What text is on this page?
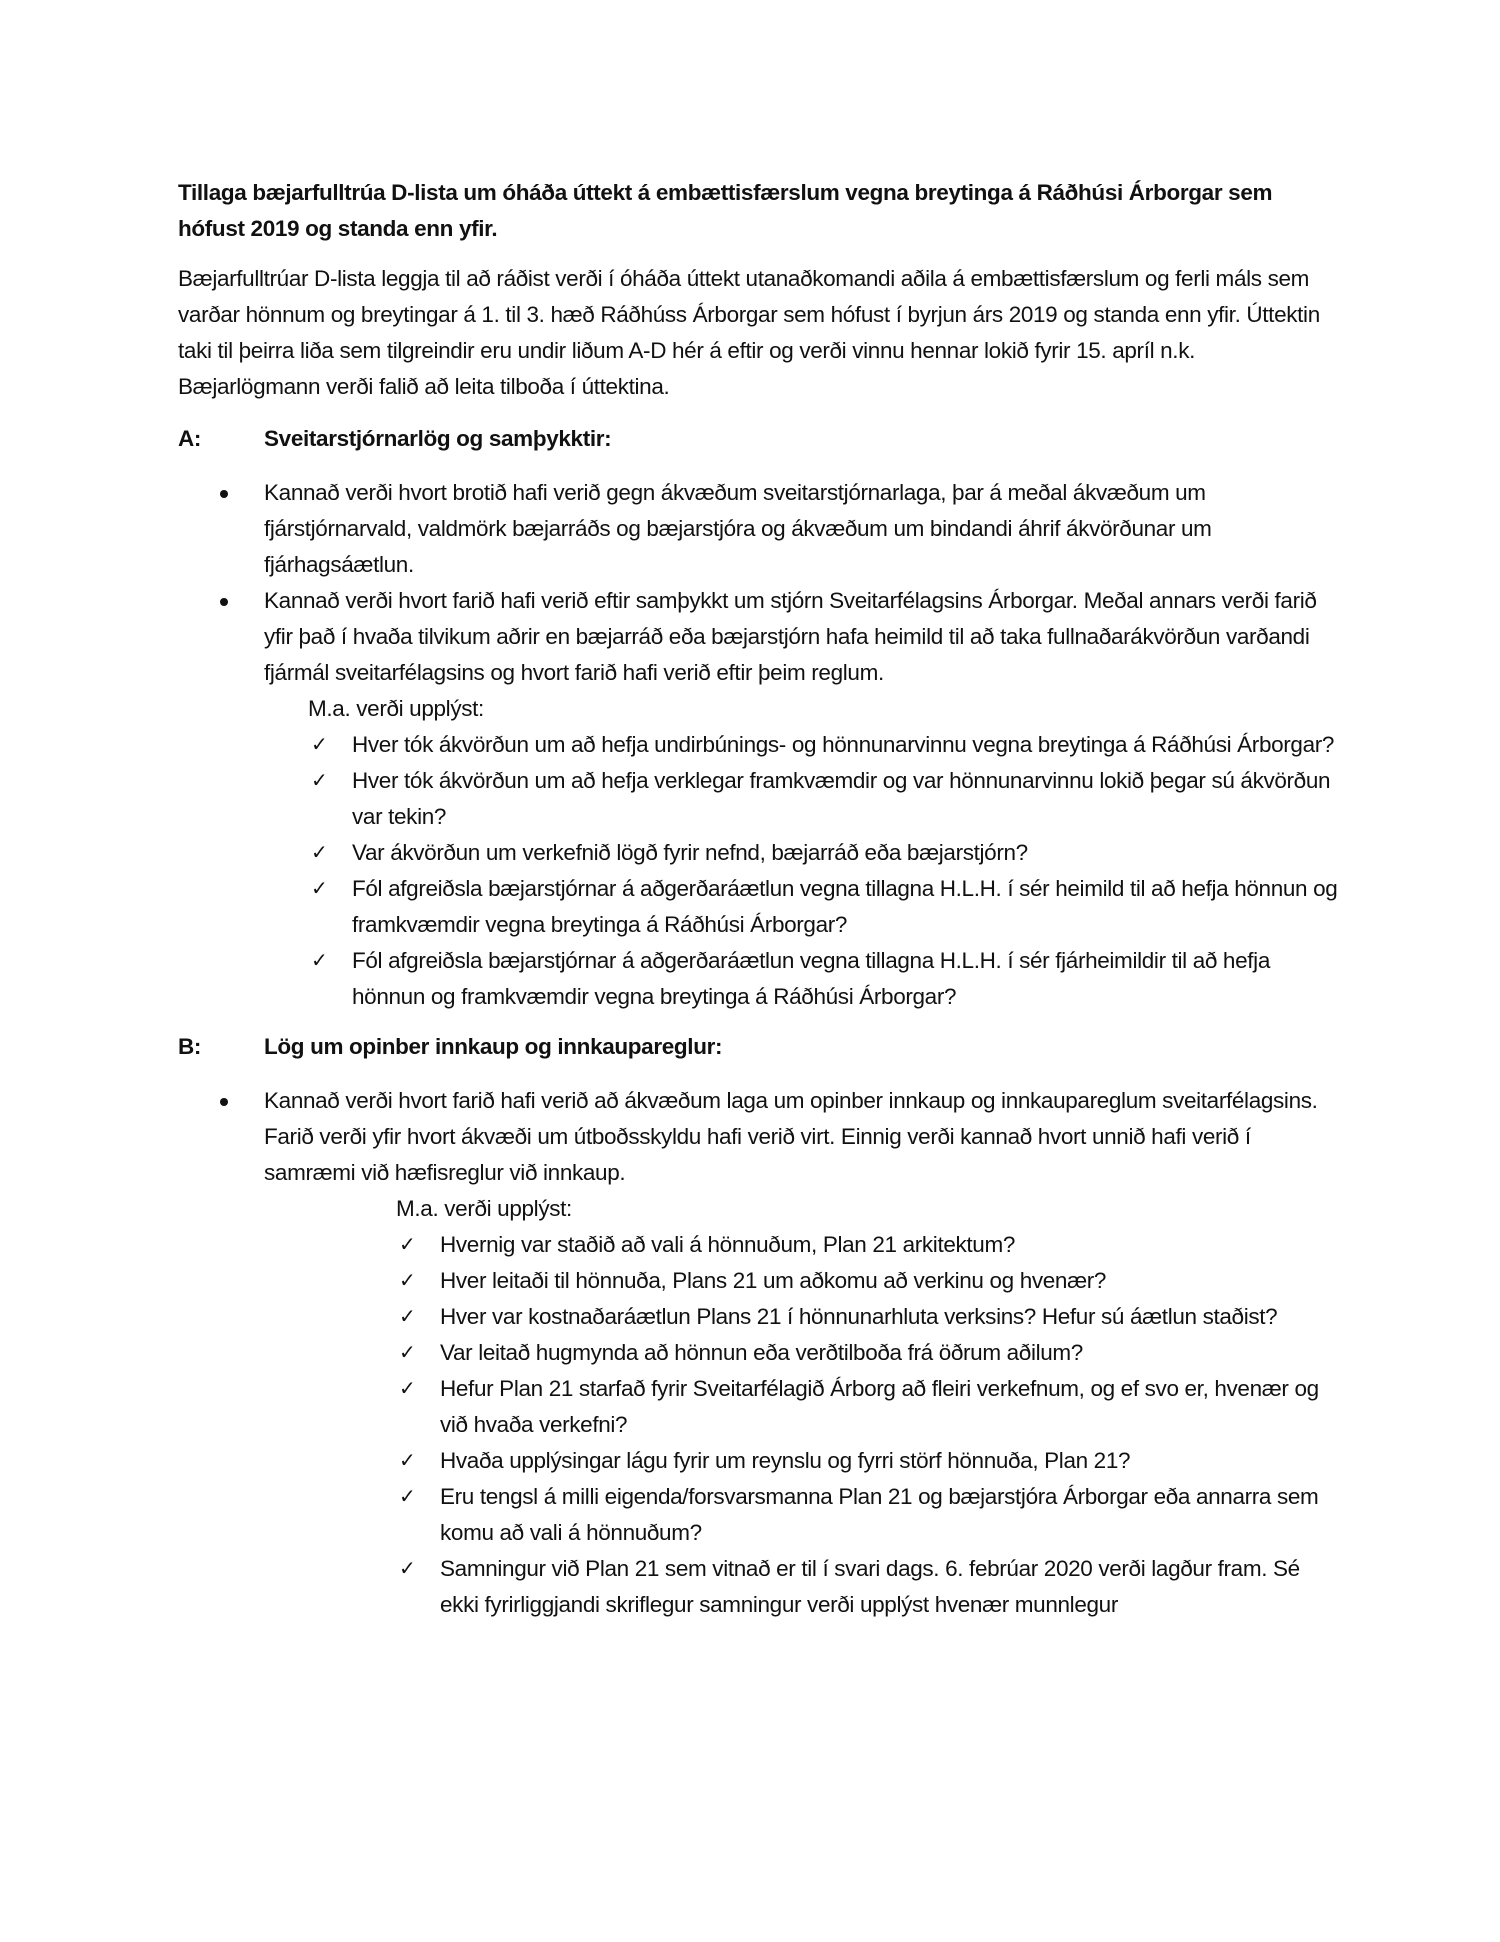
Tillaga bæjarfulltrúa D-lista um óháða úttekt á embættisfærslum vegna breytinga á Ráðhúsi Árborgar sem hófust 2019 og standa enn yfir.

Bæjarfulltrúar D-lista leggja til að ráðist verði í óháða úttekt utanaðkomandi aðila á embættisfærslum og ferli máls sem varðar hönnum og breytingar á 1. til 3. hæð Ráðhúss Árborgar sem hófust í byrjun árs 2019 og standa enn yfir. Úttektin taki til þeirra liða sem tilgreindir eru undir liðum A-D hér á eftir og verði vinnu hennar lokið fyrir 15. apríl n.k. Bæjarlögmann verði falið að leita tilboða í úttektina.

A:	Sveitarstjórnarlög og samþykktir:
Kannað verði hvort brotið hafi verið gegn ákvæðum sveitarstjórnarlaga, þar á meðal ákvæðum um fjárstjórnarvald, valdmörk bæjarráðs og bæjarstjóra og ákvæðum um bindandi áhrif ákvörðunar um fjárhagsáætlun.
Kannað verði hvort farið hafi verið eftir samþykkt um stjórn Sveitarfélagsins Árborgar. Meðal annars verði farið yfir það í hvaða tilvikum aðrir en bæjarráð eða bæjarstjórn hafa heimild til að taka fullnaðarákvörðun varðandi fjármál sveitarfélagsins og hvort farið hafi verið eftir þeim reglum.
M.a. verði upplýst:
✓ Hver tók ákvörðun um að hefja undirbúnings- og hönnunarvinnu vegna breytinga á Ráðhúsi Árborgar?
✓ Hver tók ákvörðun um að hefja verklegar framkvæmdir og var hönnunarvinnu lokið þegar sú ákvörðun var tekin?
✓ Var ákvörðun um verkefnið lögð fyrir nefnd, bæjarráð eða bæjarstjórn?
✓ Fól afgreiðsla bæjarstjórnar á aðgerðaráætlun vegna tillagna H.L.H. í sér heimild til að hefja hönnun og framkvæmdir vegna breytinga á Ráðhúsi Árborgar?
✓ Fól afgreiðsla bæjarstjórnar á aðgerðaráætlun vegna tillagna H.L.H. í sér fjárheimildir til að hefja hönnun og framkvæmdir vegna breytinga á Ráðhúsi Árborgar?
B:	Lög um opinber innkaup og innkaupareglur:
Kannað verði hvort farið hafi verið að ákvæðum laga um opinber innkaup og innkaupareglum sveitarfélagsins. Farið verði yfir hvort ákvæði um útboðsskyldu hafi verið virt. Einnig verði kannað hvort unnið hafi verið í samræmi við hæfisreglur við innkaup.
M.a. verði upplýst:
✓ Hvernig var staðið að vali á hönnuðum, Plan 21 arkitektum?
✓ Hver leitaði til hönnuða, Plans 21 um aðkomu að verkinu og hvenær?
✓ Hver var kostnaðaráætlun Plans 21 í hönnunarhluta verksins? Hefur sú áætlun staðist?
✓ Var leitað hugmynda að hönnun eða verðtilboða frá öðrum aðilum?
✓ Hefur Plan 21 starfað fyrir Sveitarfélagið Árborg að fleiri verkefnum, og ef svo er, hvenær og við hvaða verkefni?
✓ Hvaða upplýsingar lágu fyrir um reynslu og fyrri störf hönnuða, Plan 21?
✓ Eru tengsl á milli eigenda/forsvarsmanna Plan 21 og bæjarstjóra Árborgar eða annarra sem komu að vali á hönnuðum?
✓ Samningur við Plan 21 sem vitnað er til í svari dags. 6. febrúar 2020 verði lagður fram. Sé ekki fyrirliggjandi skriflegur samningur verði upplýst hvenær munnlegur
